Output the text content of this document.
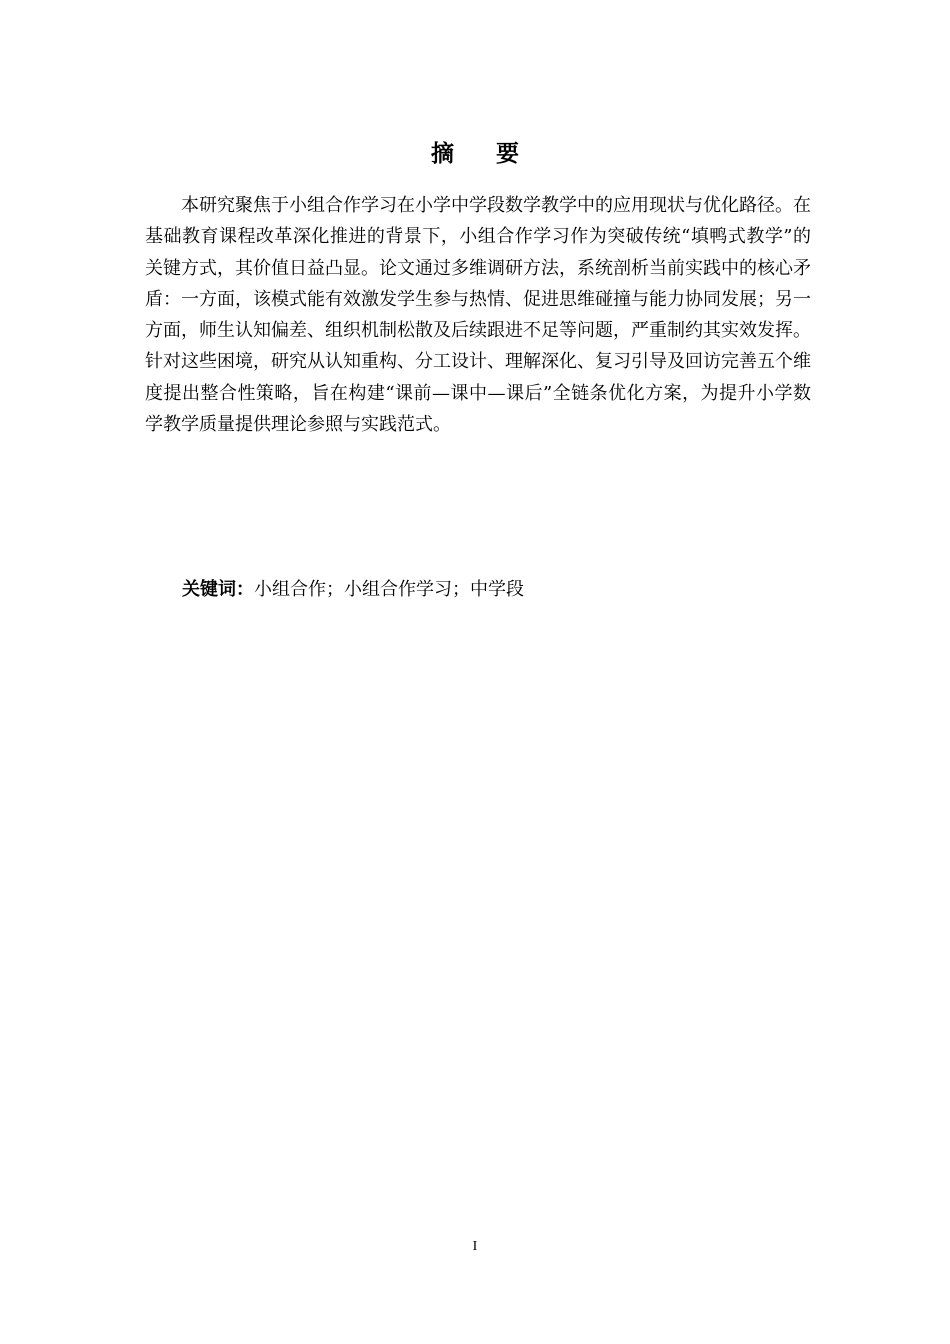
摘 要

本研究聚焦于小组合作学习在小学中学段数学教学中的应用现状与优化路径。在基础教育课程改革深化推进的背景下，小组合作学习作为突破传统“填鸭式教学”的关键方式，其价值日益凸显。论文通过多维调研方法，系统剖析当前实践中的核心矛盾：一方面，该模式能有效激发学生参与热情、促进思维碰撞与能力协同发展；另一方面，师生认知偏差、组织机制松散及后续跟进不足等问题，严重制约其实效发挥。针对这些困境，研究从认知重构、分工设计、理解深化、复习引导及回访完善五个维度提出整合性策略，旨在构建“课前—课中—课后”全链条优化方案，为提升小学数学教学质量提供理论参照与实践范式。

关键词：小组合作；小组合作学习；中学段
I
